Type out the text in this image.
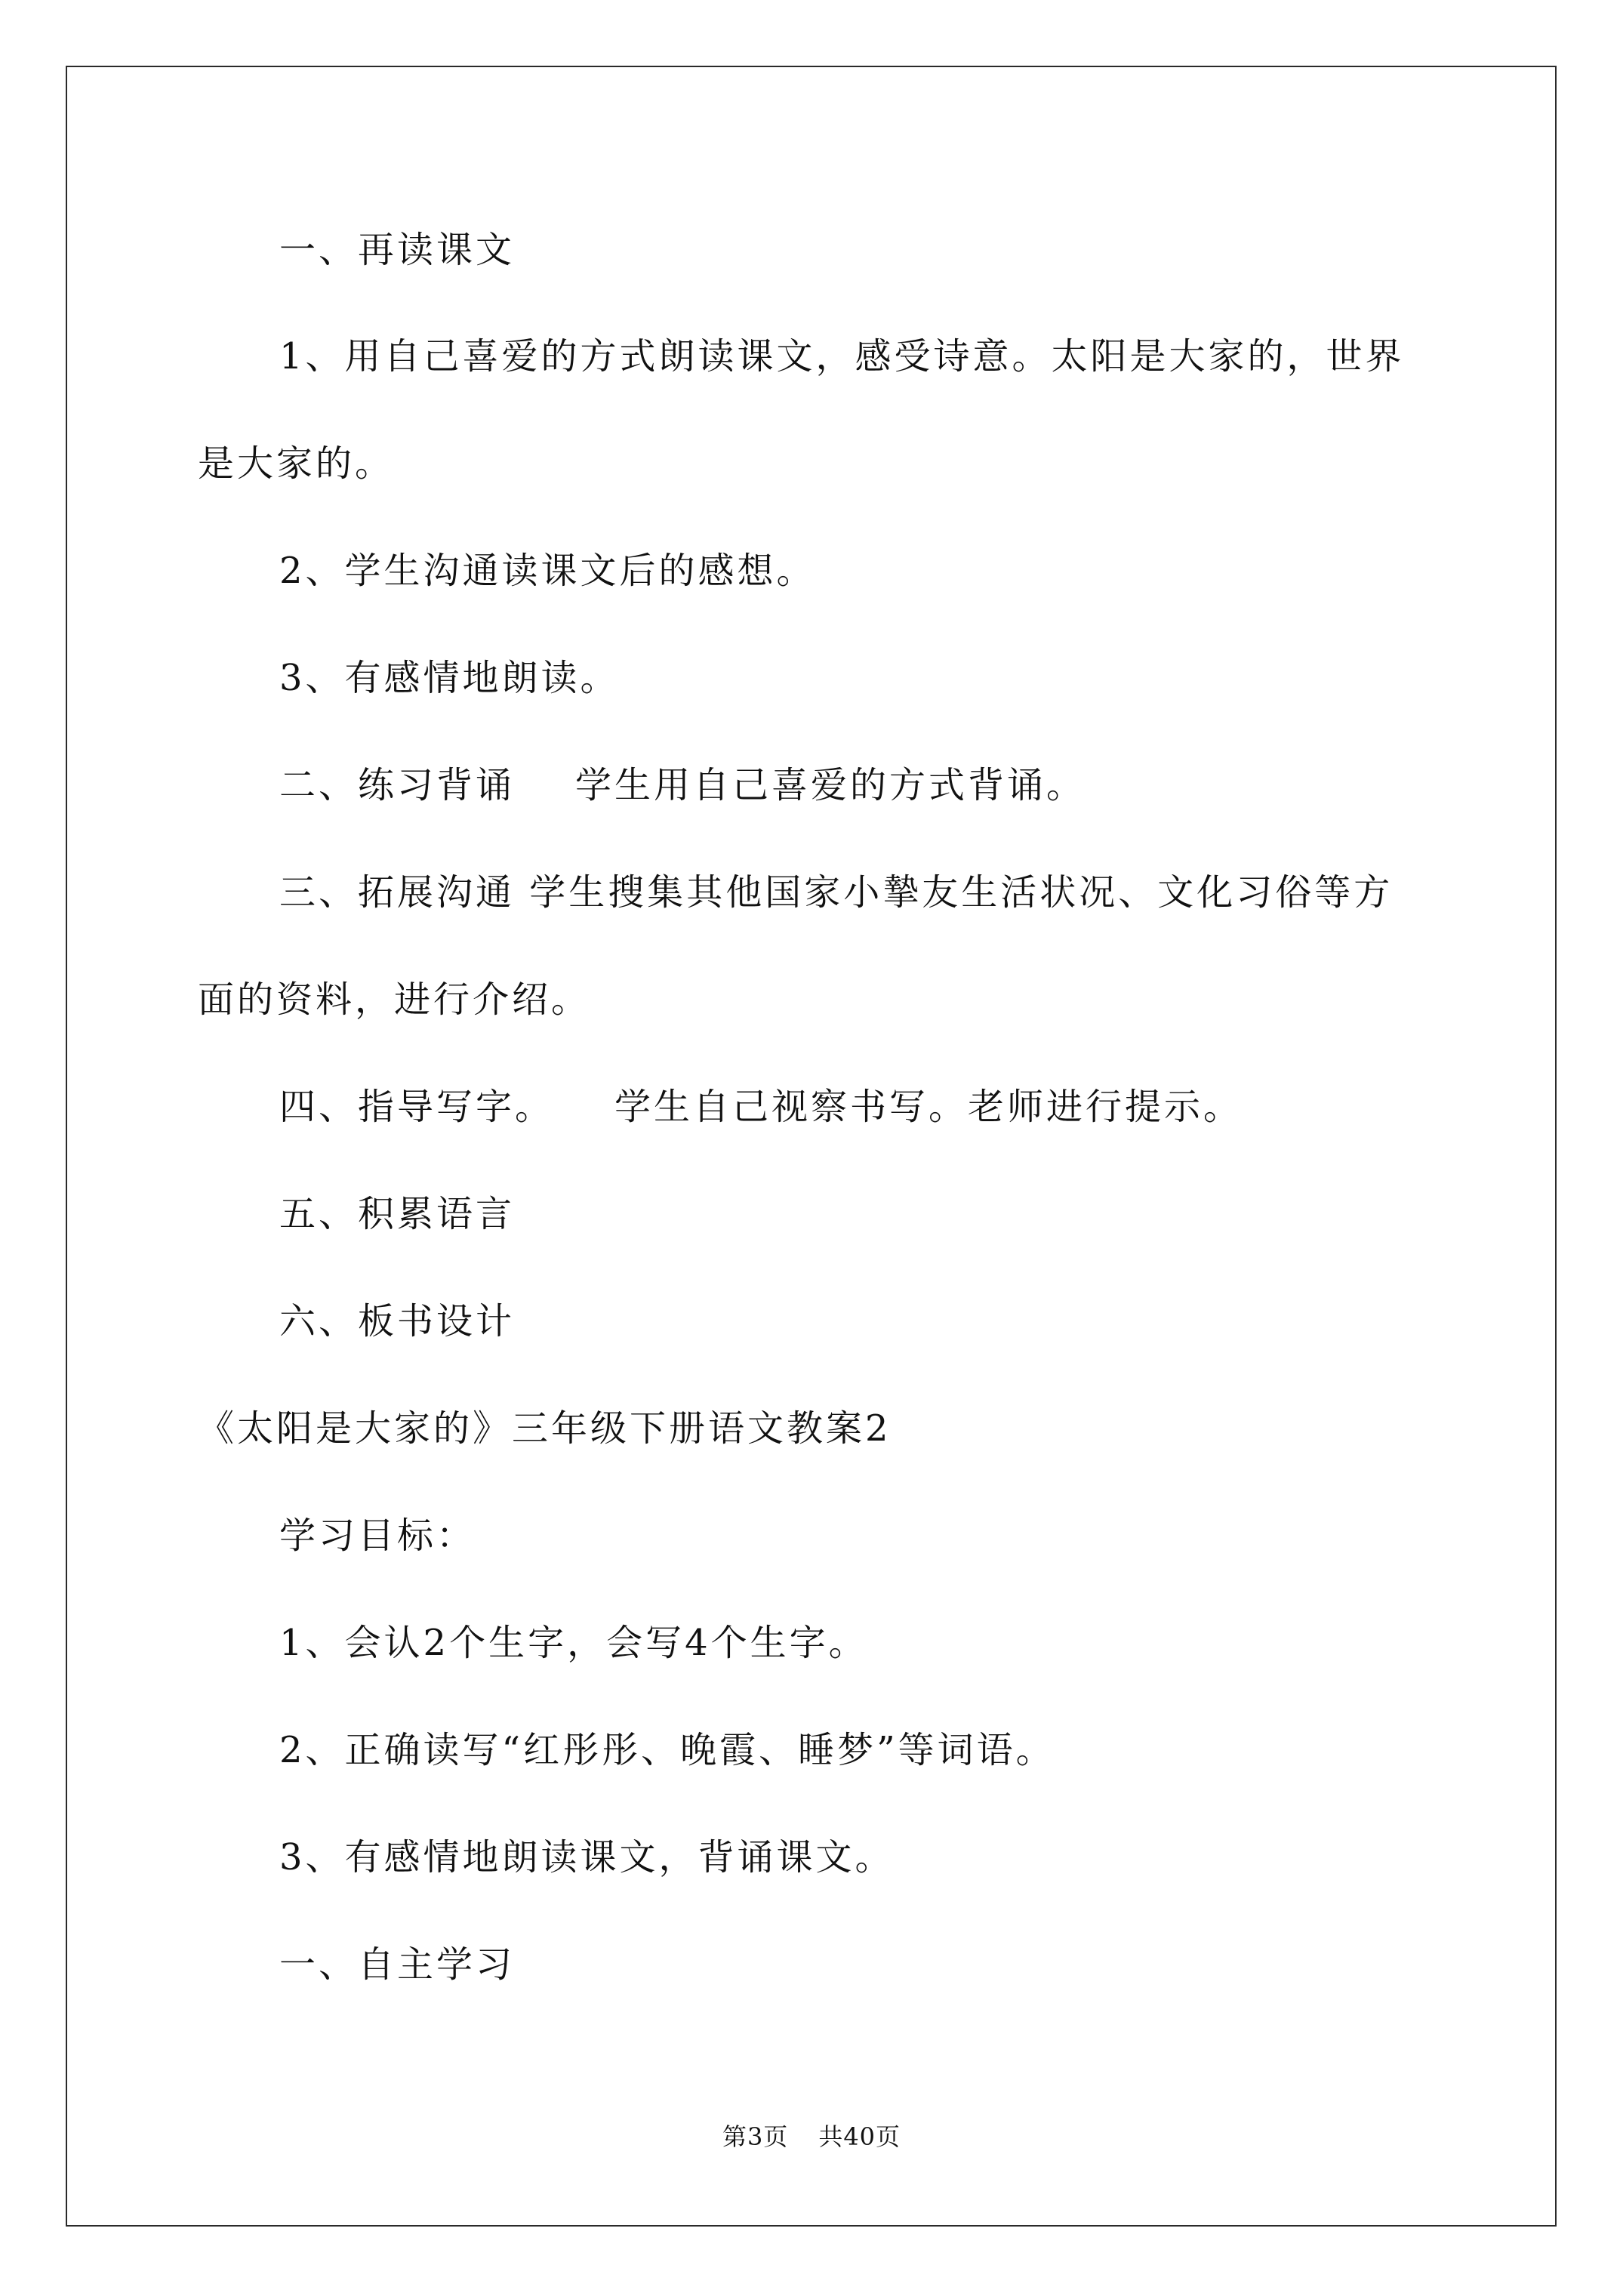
一、再读课文
1、用自己喜爱的方式朗读课文，感受诗意。太阳是大家的，世界
是大家的。
2、学生沟通读课文后的感想。
3、有感情地朗读。
二、练习背诵 学生用自己喜爱的方式背诵。
三、拓展沟通 学生搜集其他国家小摯友生活状况、文化习俗等方
面的资料，进行介绍。
四、指导写字。 学生自己视察书写。老师进行提示。
五、积累语言
六、板书设计
《太阳是大家的》三年级下册语文教案2
学习目标：
1、会认2个生字，会写4个生字。
2、正确读写“红彤彤、晚霞、睡梦”等词语。
3、有感情地朗读课文，背诵课文。
一、自主学习
第3页 共40页
